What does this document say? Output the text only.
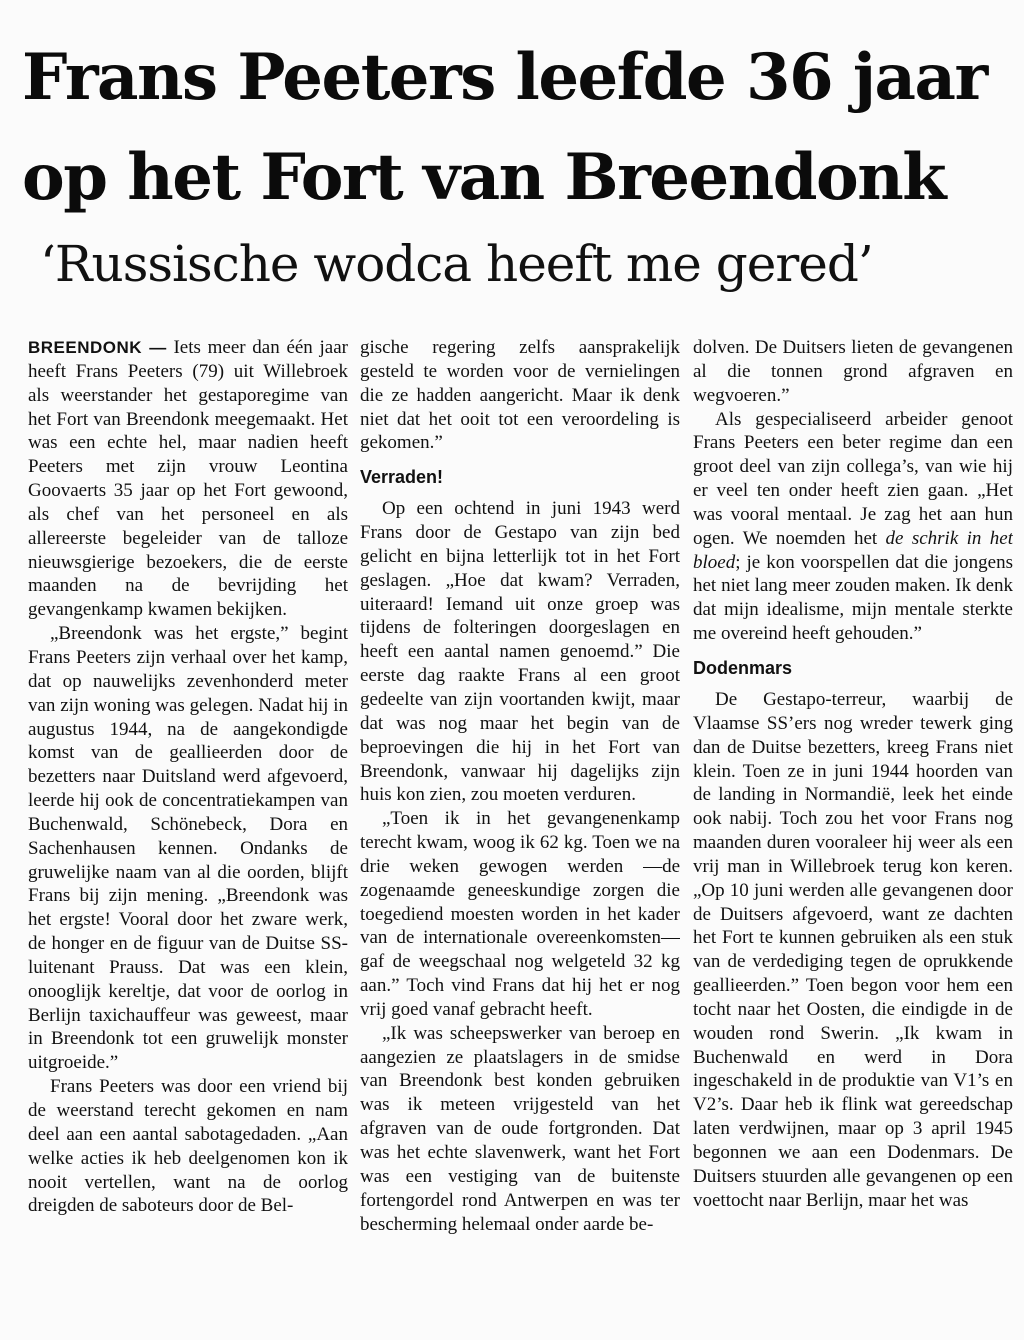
Frans Peeters leefde 36 jaar
op het Fort van Breendonk
‘Russische wodca heeft me gered’

BREENDONK — Iets meer dan één jaar heeft Frans Peeters (79) uit Willebroek als weerstander het gestaporegime van het Fort van Breendonk meegemaakt. Het was een echte hel, maar nadien heeft Peeters met zijn vrouw Leontina Goovaerts 35 jaar op het Fort gewoond, als chef van het personeel en als allereerste begeleider van de talloze nieuwsgierige bezoekers, die de eerste maanden na de bevrijding het gevangenkamp kwamen bekijken.

„Breendonk was het ergste,” begint Frans Peeters zijn verhaal over het kamp, dat op nauwelijks zevenhonderd meter van zijn woning was gelegen. Nadat hij in augustus 1944, na de aangekondigde komst van de geallieerden door de bezetters naar Duitsland werd afgevoerd, leerde hij ook de concentratiekampen van Buchenwald, Schönebeck, Dora en Sachenhausen kennen. Ondanks de gruwelijke naam van al die oorden, blijft Frans bij zijn mening. „Breendonk was het ergste! Vooral door het zware werk, de honger en de figuur van de Duitse SS-luitenant Prauss. Dat was een klein, onooglijk kereltje, dat voor de oorlog in Berlijn taxichauffeur was geweest, maar in Breendonk tot een gruwelijk monster uitgroeide.”

Frans Peeters was door een vriend bij de weerstand terecht gekomen en nam deel aan een aantal sabotagedaden. „Aan welke acties ik heb deelgenomen kon ik nooit vertellen, want na de oorlog dreigden de saboteurs door de Bel-

gische regering zelfs aansprakelijk gesteld te worden voor de vernielingen die ze hadden aangericht. Maar ik denk niet dat het ooit tot een veroordeling is gekomen.”

Verraden!

Op een ochtend in juni 1943 werd Frans door de Gestapo van zijn bed gelicht en bijna letterlijk tot in het Fort geslagen. „Hoe dat kwam? Verraden, uiteraard! Iemand uit onze groep was tijdens de folteringen doorgeslagen en heeft een aantal namen genoemd.” Die eerste dag raakte Frans al een groot gedeelte van zijn voortanden kwijt, maar dat was nog maar het begin van de beproevingen die hij in het Fort van Breendonk, vanwaar hij dagelijks zijn huis kon zien, zou moeten verduren.

„Toen ik in het gevangenenkamp terecht kwam, woog ik 62 kg. Toen we na drie weken gewogen werden —de zogenaamde geneeskundige zorgen die toegediend moesten worden in het kader van de internationale overeenkomsten— gaf de weegschaal nog welgeteld 32 kg aan.” Toch vind Frans dat hij het er nog vrij goed vanaf gebracht heeft.

„Ik was scheepswerker van beroep en aangezien ze plaatslagers in de smidse van Breendonk best konden gebruiken was ik meteen vrijgesteld van het afgraven van de oude fortgronden. Dat was het echte slavenwerk, want het Fort was een vestiging van de buitenste fortengordel rond Antwerpen en was ter bescherming helemaal onder aarde be-

dolven. De Duitsers lieten de gevangenen al die tonnen grond afgraven en wegvoeren.”

Als gespecialiseerd arbeider genoot Frans Peeters een beter regime dan een groot deel van zijn collega’s, van wie hij er veel ten onder heeft zien gaan. „Het was vooral mentaal. Je zag het aan hun ogen. We noemden het de schrik in het bloed; je kon voorspellen dat die jongens het niet lang meer zouden maken. Ik denk dat mijn idealisme, mijn mentale sterkte me overeind heeft gehouden.”

Dodenmars

De Gestapo-terreur, waarbij de Vlaamse SS’ers nog wreder tewerk ging dan de Duitse bezetters, kreeg Frans niet klein. Toen ze in juni 1944 hoorden van de landing in Normandië, leek het einde ook nabij. Toch zou het voor Frans nog maanden duren vooraleer hij weer als een vrij man in Willebroek terug kon keren. „Op 10 juni werden alle gevangenen door de Duitsers afgevoerd, want ze dachten het Fort te kunnen gebruiken als een stuk van de verdediging tegen de oprukkende geallieerden.” Toen begon voor hem een tocht naar het Oosten, die eindigde in de wouden rond Swerin. „Ik kwam in Buchenwald en werd in Dora ingeschakeld in de produktie van V1’s en V2’s. Daar heb ik flink wat gereedschap laten verdwijnen, maar op 3 april 1945 begonnen we aan een Dodenmars. De Duitsers stuurden alle gevangenen op een voettocht naar Berlijn, maar het was
